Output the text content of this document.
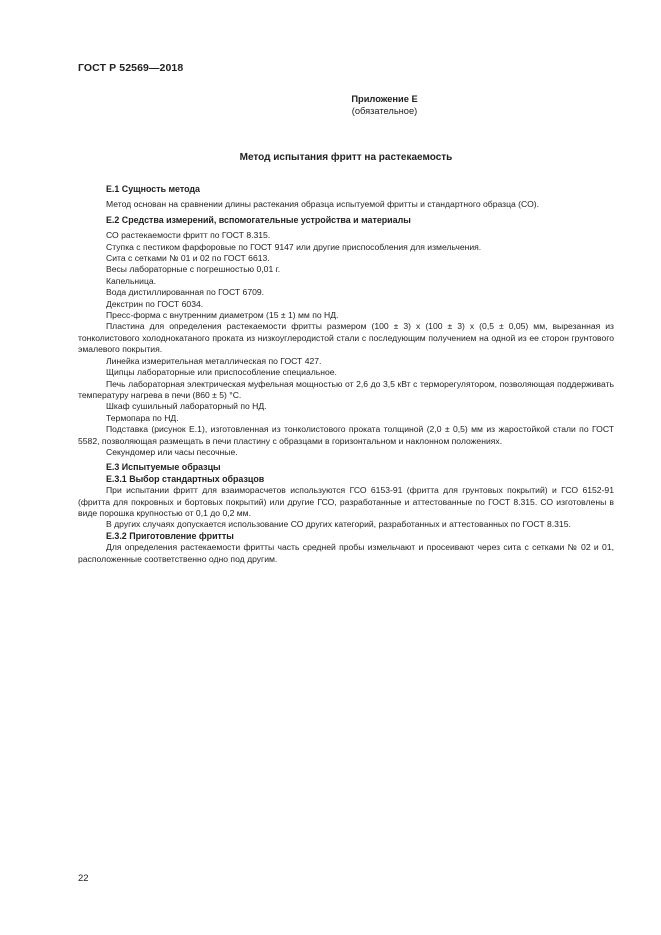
ГОСТ Р 52569—2018
Приложение Е
(обязательное)
Метод испытания фритт на растекаемость
Е.1 Сущность метода
Метод основан на сравнении длины растекания образца испытуемой фритты и стандартного образца (СО).
Е.2 Средства измерений, вспомогательные устройства и материалы
СО растекаемости фритт по ГОСТ 8.315.
Ступка с пестиком фарфоровые по ГОСТ 9147 или другие приспособления для измельчения.
Сита с сетками № 01 и 02 по ГОСТ 6613.
Весы лабораторные с погрешностью 0,01 г.
Капельница.
Вода дистиллированная по ГОСТ 6709.
Декстрин по ГОСТ 6034.
Пресс-форма с внутренним диаметром (15 ± 1) мм по НД.
Пластина для определения растекаемости фритты размером (100 ± 3) x (100 ± 3) x (0,5 ± 0,05) мм, вырезанная из тонколистового холоднокатаного проката из низкоуглеродистой стали с последующим получением на одной из ее сторон грунтового эмалевого покрытия.
Линейка измерительная металлическая по ГОСТ 427.
Щипцы лабораторные или приспособление специальное.
Печь лабораторная электрическая муфельная мощностью от 2,6 до 3,5 кВт с терморегулятором, позволяющая поддерживать температуру нагрева в печи (860 ± 5) °С.
Шкаф сушильный лабораторный по НД.
Термопара по НД.
Подставка (рисунок Е.1), изготовленная из тонколистового проката толщиной (2,0 ± 0,5) мм из жаростойкой стали по ГОСТ 5582, позволяющая размещать в печи пластину с образцами в горизонтальном и наклонном положениях.
Секундомер или часы песочные.
Е.3 Испытуемые образцы
Е.3.1 Выбор стандартных образцов
При испытании фритт для взаиморасчетов используются ГСО 6153-91 (фритта для грунтовых покрытий) и ГСО 6152-91 (фритта для покровных и бортовых покрытий) или другие ГСО, разработанные и аттестованные по ГОСТ 8.315. СО изготовлены в виде порошка крупностью от 0,1 до 0,2 мм.
В других случаях допускается использование СО других категорий, разработанных и аттестованных по ГОСТ 8.315.
Е.3.2 Приготовление фритты
Для определения растекаемости фритты часть средней пробы измельчают и просеивают через сита с сетками № 02 и 01, расположенные соответственно одно под другим.
22
